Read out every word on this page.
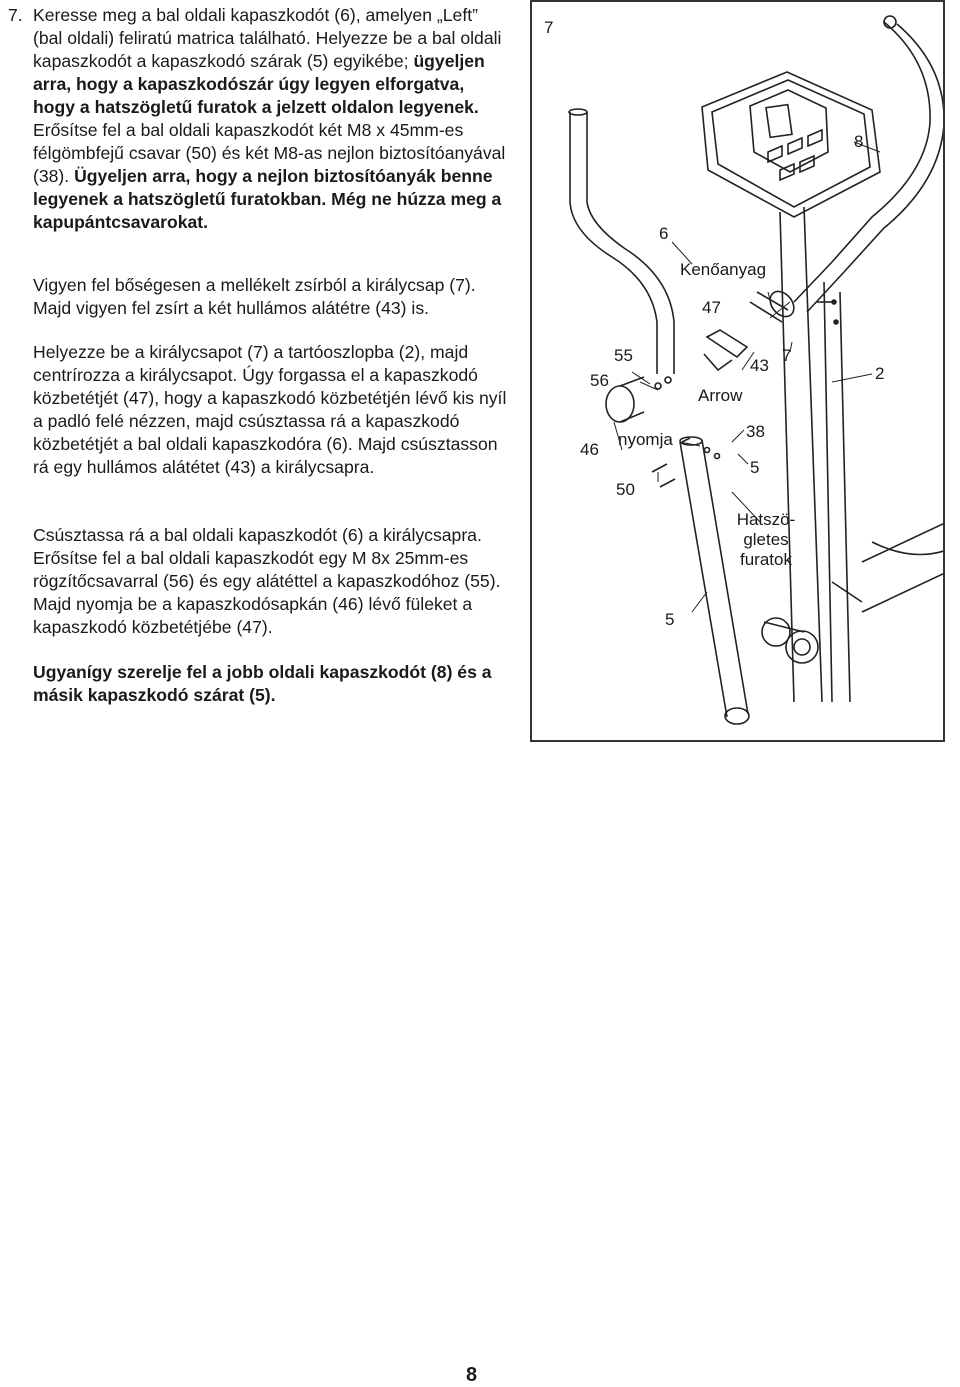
7. Keresse meg a bal oldali kapaszkodót (6), amelyen „Left” (bal oldali) feliratú matrica található. Helyezze be a bal oldali kapaszkodót a kapaszkodó szárak (5) egyikébe; ügyeljen arra, hogy a kapaszkodószár úgy legyen elforgatva, hogy a hatszögletű furatok a jelzett oldalon legyenek. Erősítse fel a bal oldali kapaszkodót két M8 x 45mm-es félgömbfejű csavar (50) és két M8-as nejlon biztosítóanyával (38). Ügyeljen arra, hogy a nejlon biztosítóanyák benne legyenek a hatszögletű furatokban. Még ne húzza meg a kapupántcsavarokat.

Vigyen fel bőségesen a mellékelt zsírból a királycsap (7). Majd vigyen fel zsírt a két hullámos alátétre (43) is.

Helyezze be a királycsapot (7) a tartóoszlopba (2), majd centrírozza a királycsapot. Úgy forgassa el a kapaszkodó közbetétjét (47), hogy a kapaszkodó közbetétjén lévő kis nyíl a padló felé nézzen, majd csúsztassa rá a kapaszkodó közbetétjét a bal oldali kapaszkodóra (6). Majd csúsztasson rá egy hullámos alátétet (43) a királycsapra.

Csúsztassa rá a bal oldali kapaszkodót (6) a királycsapra. Erősítse fel a bal oldali kapaszkodót egy M 8x 25mm-es rögzítőcsavarral (56) és egy alátéttel a kapaszkodóhoz (55). Majd nyomja be a kapaszkodósapkán (46) lévő füleket a kapaszkodó közbetétjébe (47).

Ugyanígy szerelje fel a jobb oldali kapaszkodót (8) és a másik kapaszkodó szárat (5).

7
8
6
Kenőanyag
47
55
56
43
7
2
Arrow
46
nyomja	38
5
50
Hatszö-gletes furatok
5
8
